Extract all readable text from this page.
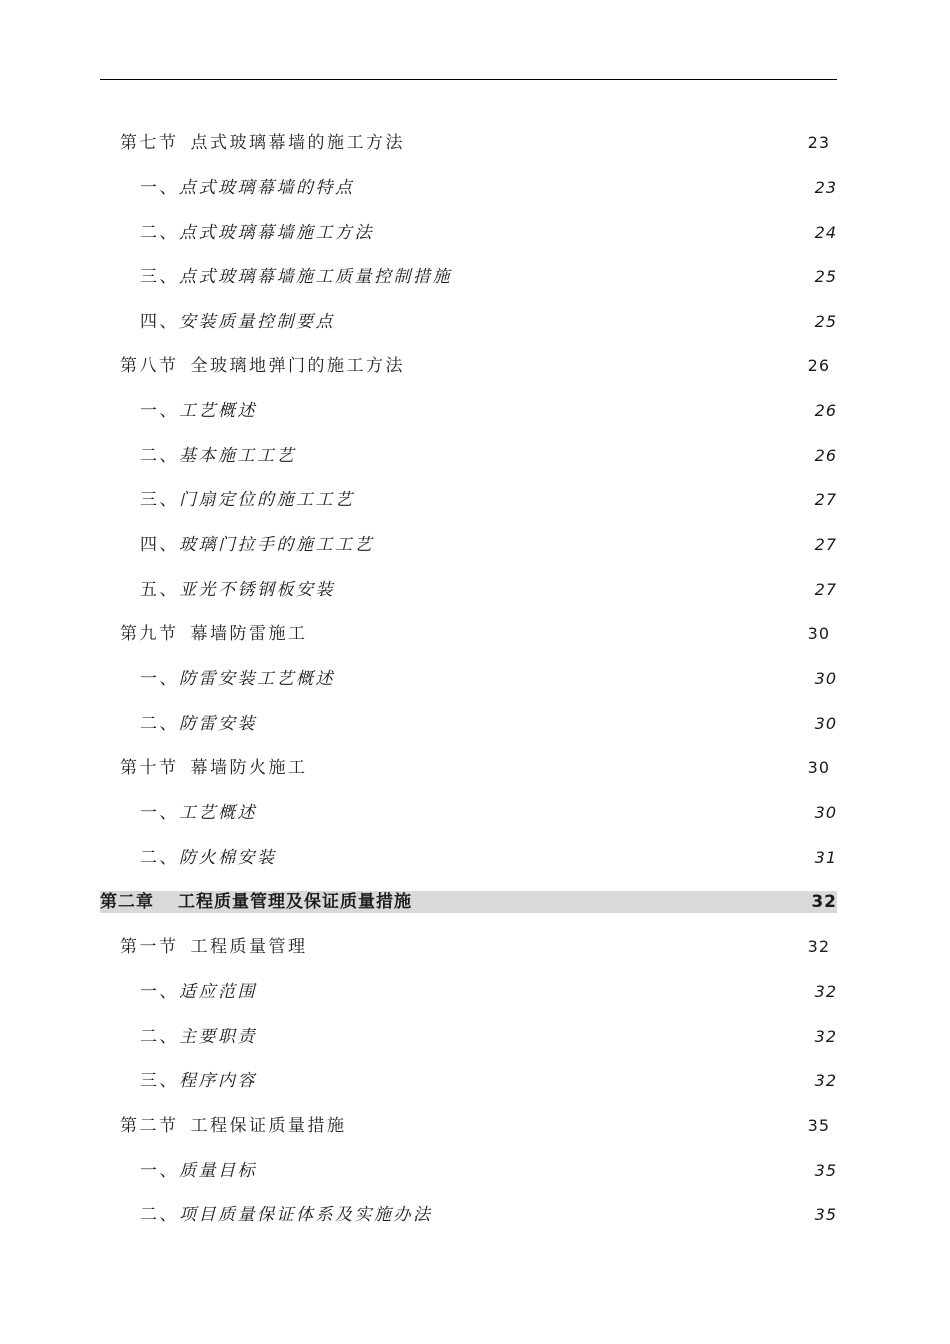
第七节 点式玻璃幕墙的施工方法	23
一、点式玻璃幕墙的特点	23
二、点式玻璃幕墙施工方法	24
三、点式玻璃幕墙施工质量控制措施	25
四、安装质量控制要点	25
第八节 全玻璃地弹门的施工方法	26
一、工艺概述	26
二、基本施工工艺	26
三、门扇定位的施工工艺	27
四、玻璃门拉手的施工工艺	27
五、亚光不锈钢板安装	27
第九节 幕墙防雷施工	30
一、防雷安装工艺概述	30
二、防雷安装	30
第十节 幕墙防火施工	30
一、工艺概述	30
二、防火棉安装	31
第二章 工程质量管理及保证质量措施	32
第一节 工程质量管理	32
一、适应范围	32
二、主要职责	32
三、程序内容	32
第二节 工程保证质量措施	35
一、质量目标	35
二、项目质量保证体系及实施办法	35
